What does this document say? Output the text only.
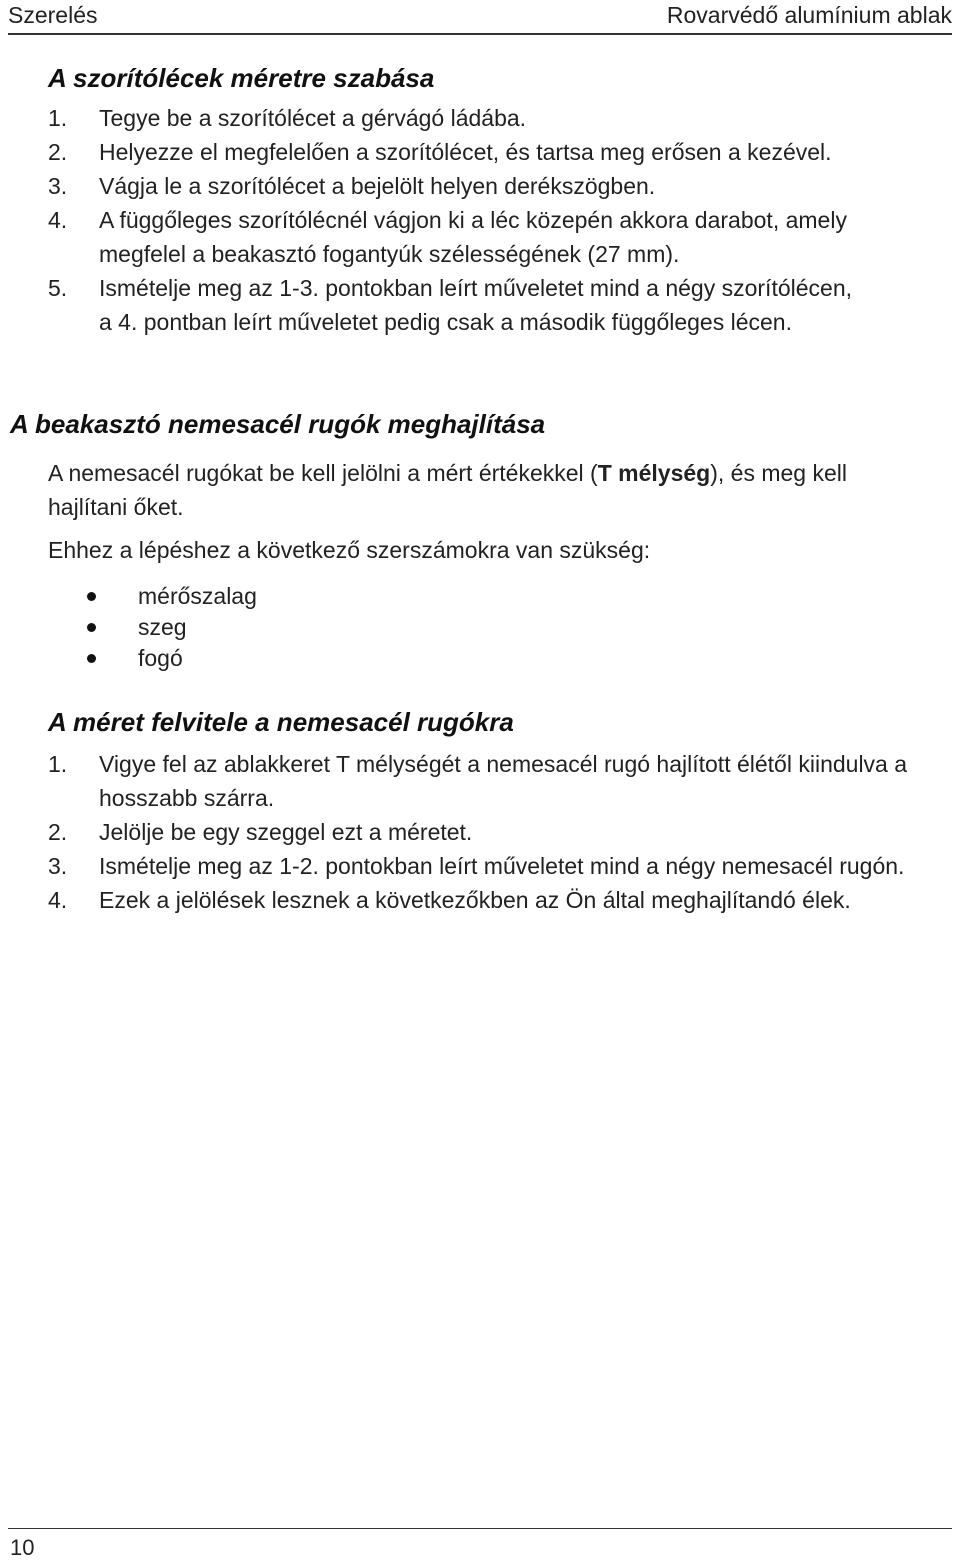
Szerelés	Rovarvédő alumínium ablak
A szorítólécek méretre szabása
1. Tegye be a szorítólécet a gérvágó ládába.
2. Helyezze el megfelelően a szorítólécet, és tartsa meg erősen a kezével.
3. Vágja le a szorítólécet a bejelölt helyen derékszögben.
4. A függőleges szorítólécnél vágjon ki a léc közepén akkora darabot, amely megfelel a beakasztó fogantyúk szélességének (27 mm).
5. Ismételje meg az 1-3. pontokban leírt műveletet mind a négy szorítólécen, a 4. pontban leírt műveletet pedig csak a második függőleges lécen.
A beakasztó nemesacél rugók meghajlítása

A nemesacél rugókat be kell jelölni a mért értékekkel (T mélység), és meg kell hajlítani őket.

Ehhez a lépéshez a következő szerszámokra van szükség:

mérőszalag
szeg
fogó
A méret felvitele a nemesacél rugókra
1. Vigye fel az ablakkeret T mélységét a nemesacél rugó hajlított élétől kiindulva a hosszabb szárra.
2. Jelölje be egy szeggel ezt a méretet.
3. Ismételje meg az 1-2. pontokban leírt műveletet mind a négy nemesacél rugón.
4. Ezek a jelölések lesznek a következőkben az Ön által meghajlítandó élek.
10
